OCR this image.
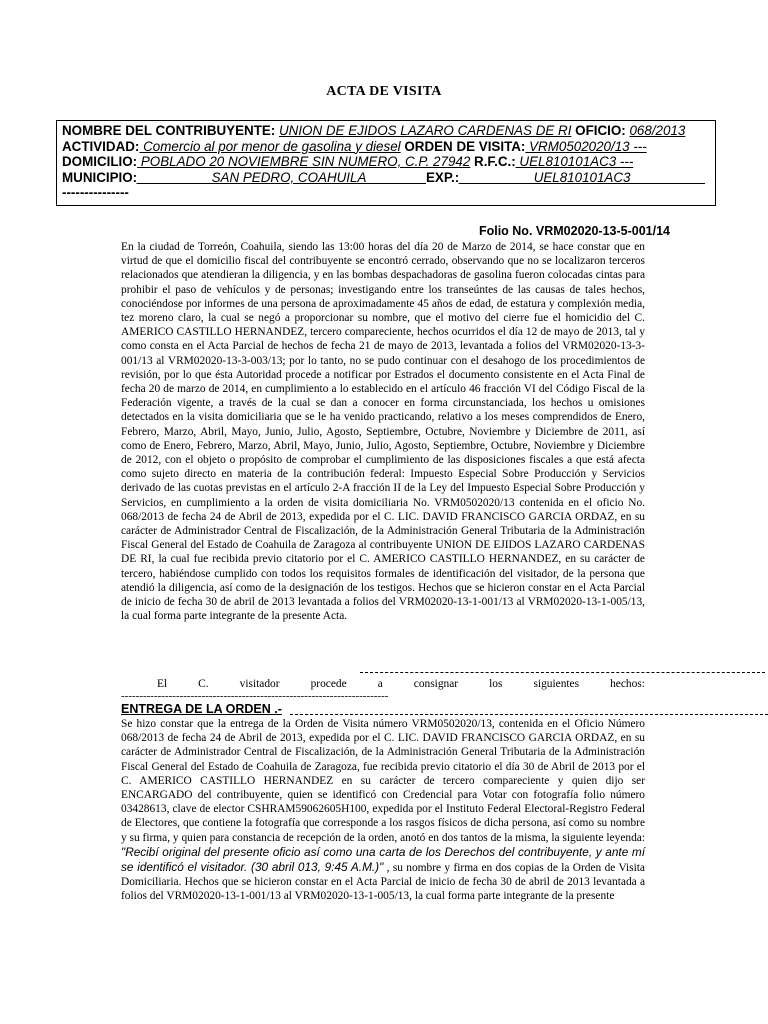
ACTA DE VISITA
NOMBRE DEL CONTRIBUYENTE: UNION DE EJIDOS LAZARO CARDENAS DE RI OFICIO: 068/2013
ACTIVIDAD: Comercio al por menor de gasolina y diesel ORDEN DE VISITA: VRM0502020/13 ---
DOMICILIO: POBLADO 20 NOVIEMBRE SIN NUMERO, C.P. 27942 R.F.C.: UEL810101AC3 ---
MUNICIPIO:__________SAN PEDRO, COAHUILA________EXP.:__________UEL810101AC3__________
---------------
Folio No. VRM02020-13-5-001/14

En la ciudad de Torreón, Coahuila, siendo las 13:00 horas del día 20 de Marzo de 2014, se hace constar que en virtud de que el domicilio fiscal del contribuyente se encontró cerrado, observando que no se localizaron terceros relacionados que atendieran la diligencia, y en las bombas despachadoras de gasolina fueron colocadas cintas para prohibir el paso de vehículos y de personas; investigando entre los transeúntes de las causas de tales hechos, conociéndose por informes de una persona de aproximadamente 45 años de edad, de estatura y complexión media, tez moreno claro, la cual se negó a proporcionar su nombre, que el motivo del cierre fue el homicidio del C. AMERICO CASTILLO HERNANDEZ, tercero compareciente, hechos ocurridos el día 12 de mayo de 2013, tal y como consta en el Acta Parcial de hechos de fecha 21 de mayo de 2013, levantada a folios del VRM02020-13-3-001/13 al VRM02020-13-3-003/13; por lo tanto, no se pudo continuar con el desahogo de los procedimientos de revisión, por lo que ésta Autoridad procede a notificar por Estrados el documento consistente en el Acta Final de fecha 20 de marzo de 2014, en cumplimiento a lo establecido en el artículo 46 fracción VI del Código Fiscal de la Federación vigente, a través de la cual se dan a conocer en forma circunstanciada, los hechos u omisiones detectados en la visita domiciliaria que se le ha venido practicando, relativo a los meses comprendidos de Enero, Febrero, Marzo, Abril, Mayo, Junio, Julio, Agosto, Septiembre, Octubre, Noviembre y Diciembre de 2011, así como de Enero, Febrero, Marzo, Abril, Mayo, Junio, Julio, Agosto, Septiembre, Octubre, Noviembre y Diciembre de 2012, con el objeto o propósito de comprobar el cumplimiento de las disposiciones fiscales a que está afecta como sujeto directo en materia de la contribución federal: Impuesto Especial Sobre Producción y Servicios derivado de las cuotas previstas en el artículo 2-A fracción II de la Ley del Impuesto Especial Sobre Producción y Servicios, en cumplimiento a la orden de visita domiciliaria No. VRM0502020/13 contenida en el oficio No. 068/2013 de fecha 24 de Abril de 2013, expedida por el C. LIC. DAVID FRANCISCO GARCIA ORDAZ, en su carácter de Administrador Central de Fiscalización, de la Administración General Tributaria de la Administración Fiscal General del Estado de Coahuila de Zaragoza al contribuyente UNION DE EJIDOS LAZARO CARDENAS DE RI, la cual fue recibida previo citatorio por el C. AMERICO CASTILLO HERNANDEZ, en su carácter de tercero, habiéndose cumplido con todos los requisitos formales de identificación del visitador, de la persona que atendió la diligencia, así como de la designación de los testigos. Hechos que se hicieron constar en el Acta Parcial de inicio de fecha 30 de abril de 2013 levantada a folios del VRM02020-13-1-001/13 al VRM02020-13-1-005/13, la cual forma parte integrante de la presente Acta.

El	C.	visitador	procede	a	consignar	los	siguientes	hechos:
-------------------------------------------------------------------------
ENTREGA DE LA ORDEN .-
Se hizo constar que la entrega de la Orden de Visita número VRM0502020/13, contenida en el Oficio Número 068/2013 de fecha 24 de Abril de 2013, expedida por el C. LIC. DAVID FRANCISCO GARCIA ORDAZ, en su carácter de Administrador Central de Fiscalización, de la Administración General Tributaria de la Administración Fiscal General del Estado de Coahuila de Zaragoza, fue recibida previo citatorio el día 30 de Abril de 2013 por el C. AMERICO CASTILLO HERNANDEZ en su carácter de tercero compareciente y quien dijo ser ENCARGADO del contribuyente, quien se identificó con Credencial para Votar con fotografía folio número 03428613, clave de elector CSHRAM59062605H100, expedida por el Instituto Federal Electoral-Registro Federal de Electores, que contiene la fotografía que corresponde a los rasgos físicos de dicha persona, así como su nombre y su firma, y quien para constancia de recepción de la orden, anotó en dos tantos de la misma, la siguiente leyenda: "Recibí original del presente oficio así como una carta de los Derechos del contribuyente, y ante mí se identificó el visitador. (30 abril 013, 9:45 A.M.)" , su nombre y firma en dos copias de la Orden de Visita Domiciliaria. Hechos que se hicieron constar en el Acta Parcial de inicio de fecha 30 de abril de 2013 levantada a folios del VRM02020-13-1-001/13 al VRM02020-13-1-005/13, la cual forma parte integrante de la presente
